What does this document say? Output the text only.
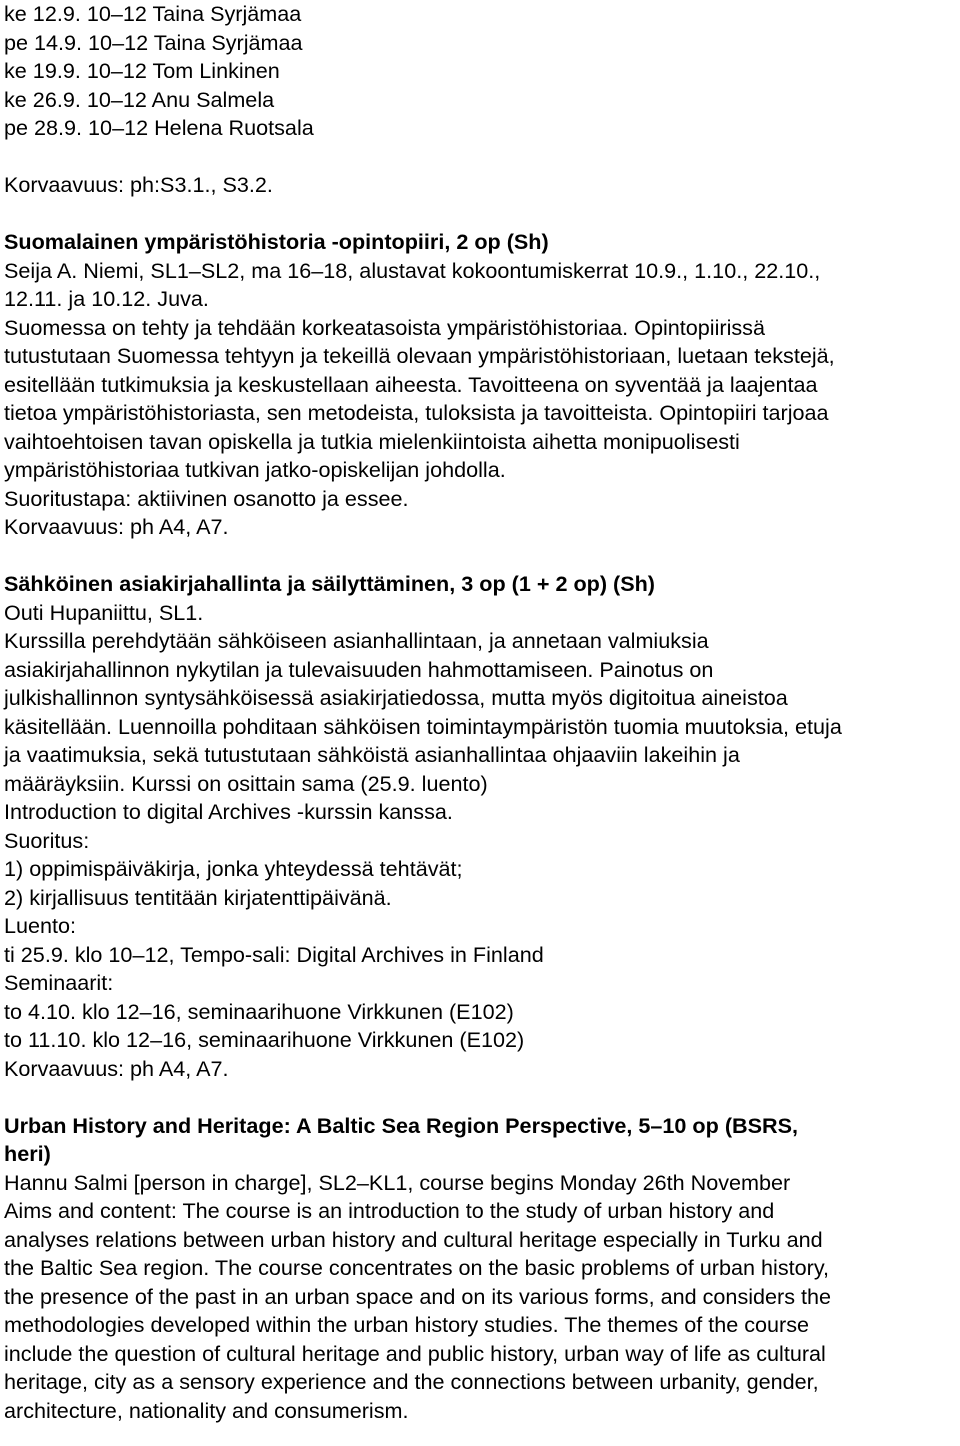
ke 12.9. 10–12 Taina Syrjämaa
pe 14.9. 10–12 Taina Syrjämaa
ke 19.9. 10–12 Tom Linkinen
ke 26.9. 10–12 Anu Salmela
pe 28.9. 10–12 Helena Ruotsala
Korvaavuus: ph:S3.1., S3.2.
Suomalainen ympäristöhistoria -opintopiiri, 2 op (Sh)
Seija A. Niemi, SL1–SL2, ma 16–18, alustavat kokoontumiskerrat 10.9., 1.10., 22.10.,
12.11. ja 10.12. Juva.
Suomessa on tehty ja tehdään korkeatasoista ympäristöhistoriaa. Opintopiirissä
tutustutaan Suomessa tehtyyn ja tekeillä olevaan ympäristöhistoriaan, luetaan tekstejä,
esitellään tutkimuksia ja keskustellaan aiheesta. Tavoitteena on syventää ja laajentaa
tietoa ympäristöhistoriasta, sen metodeista, tuloksista ja tavoitteista. Opintopiiri tarjoaa
vaihtoehtoisen tavan opiskella ja tutkia mielenkiintoista aihetta monipuolisesti
ympäristöhistoriaa tutkivan jatko-opiskelijan johdolla.
Suoritustapa: aktiivinen osanotto ja essee.
Korvaavuus: ph A4, A7.
Sähköinen asiakirjahallinta ja säilyttäminen, 3 op (1 + 2 op) (Sh)
Outi Hupaniittu, SL1.
Kurssilla perehdytään sähköiseen asianhallintaan, ja annetaan valmiuksia
asiakirjahallinnon nykytilan ja tulevaisuuden hahmottamiseen. Painotus on
julkishallinnon syntysähköisessä asiakirjatiedossa, mutta myös digitoitua aineistoa
käsitellään. Luennoilla pohditaan sähköisen toimintaympäristön tuomia muutoksia, etuja
ja vaatimuksia, sekä tutustutaan sähköistä asianhallintaa ohjaaviin lakeihin ja
määräyksiin. Kurssi on osittain sama (25.9. luento)
Introduction to digital Archives -kurssin kanssa.
Suoritus:
1) oppimispäiväkirja, jonka yhteydessä tehtävät;
2) kirjallisuus tentitään kirjatenttipäivänä.
Luento:
ti 25.9. klo 10–12, Tempo-sali: Digital Archives in Finland
Seminaarit:
to 4.10. klo 12–16, seminaarihuone Virkkunen (E102)
to 11.10. klo 12–16, seminaarihuone Virkkunen (E102)
Korvaavuus: ph A4, A7.
Urban History and Heritage: A Baltic Sea Region Perspective, 5–10 op (BSRS,
heri)
Hannu Salmi [person in charge], SL2–KL1, course begins Monday 26th November
Aims and content: The course is an introduction to the study of urban history and
analyses relations between urban history and cultural heritage especially in Turku and
the Baltic Sea region. The course concentrates on the basic problems of urban history,
the presence of the past in an urban space and on its various forms, and considers the
methodologies developed within the urban history studies. The themes of the course
include the question of cultural heritage and public history, urban way of life as cultural
heritage, city as a sensory experience and the connections between urbanity, gender,
architecture, nationality and consumerism.
